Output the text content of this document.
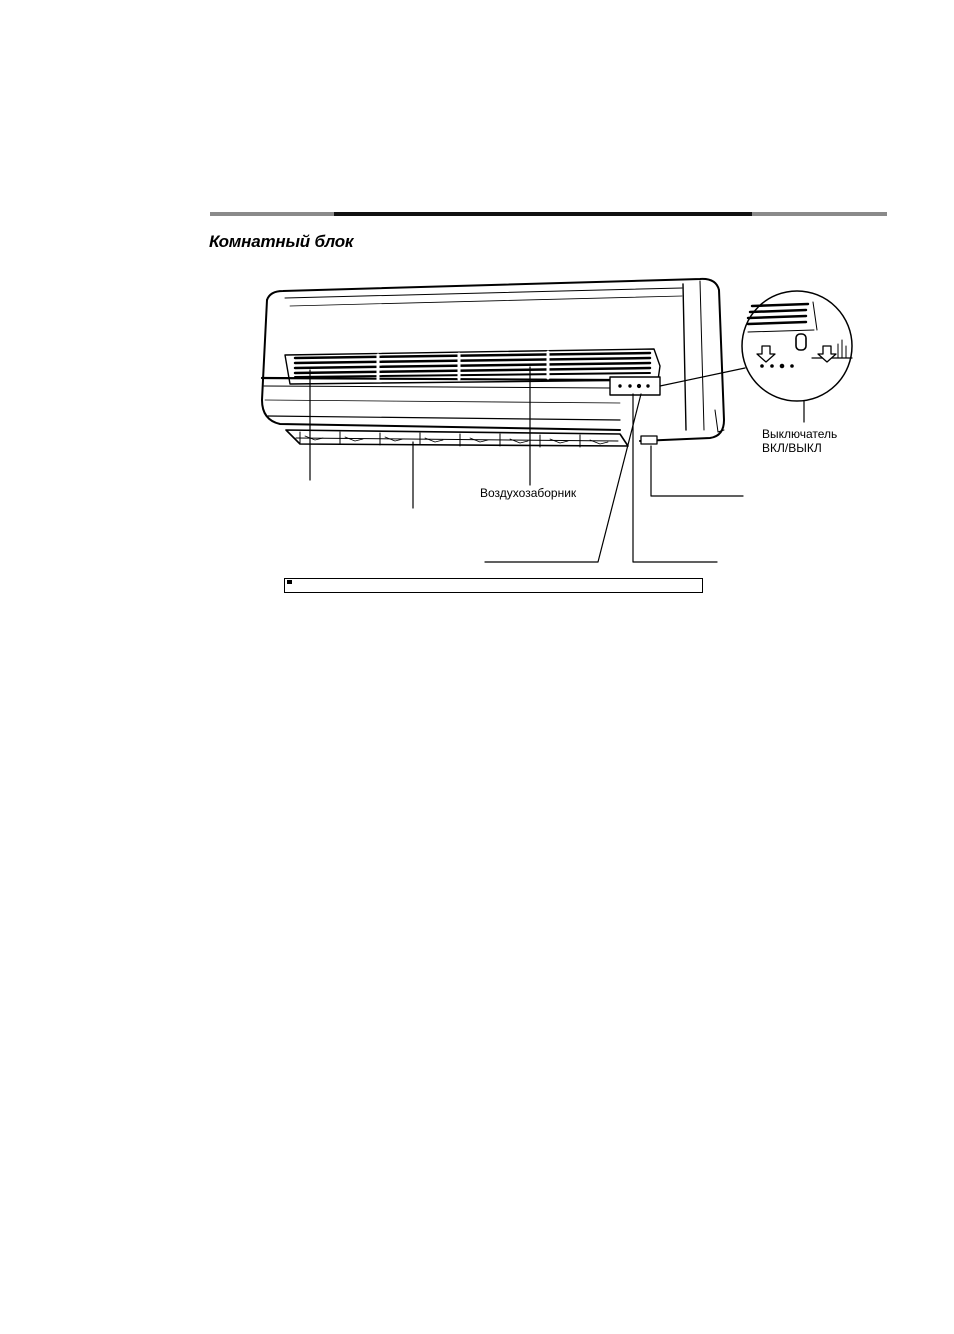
Комнатный блок
Воздухозаборник
Выключатель
ВКЛ/ВЫКЛ
